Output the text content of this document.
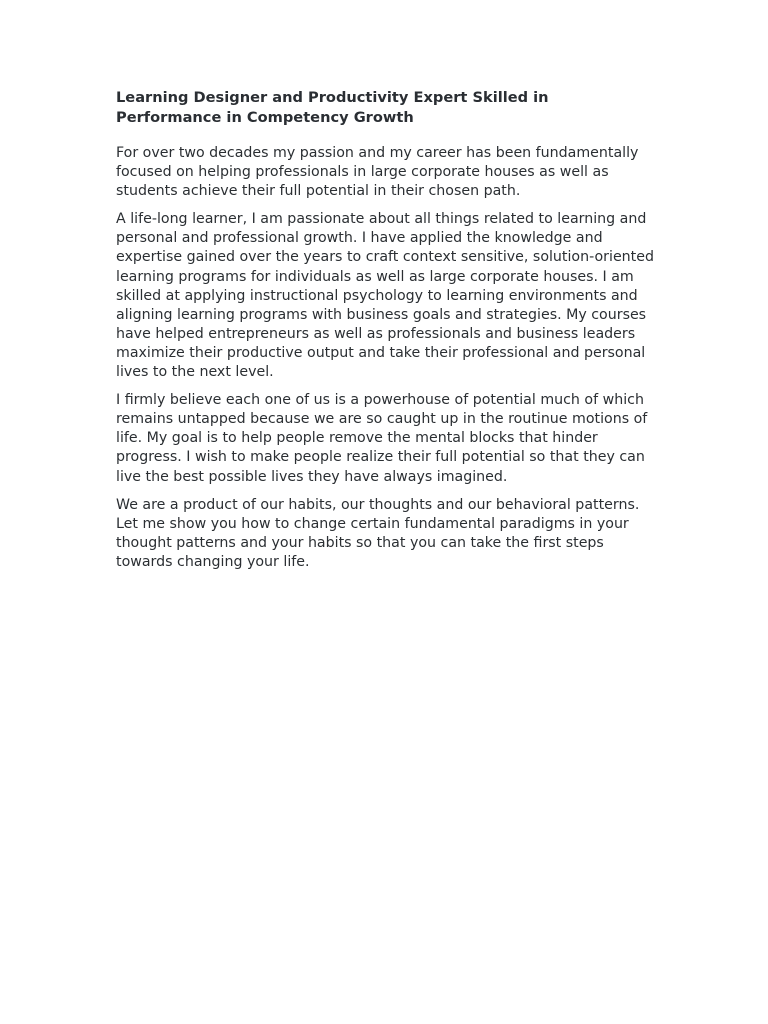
Learning Designer and Productivity Expert Skilled in Performance in Competency Growth

For over two decades my passion and my career has been fundamentally focused on helping professionals in large corporate houses as well as students achieve their full potential in their chosen path.

A life-long learner, I am passionate about all things related to learning and personal and professional growth. I have applied the knowledge and expertise gained over the years to craft context sensitive, solution-oriented learning programs for individuals as well as large corporate houses. I am skilled at applying instructional psychology to learning environments and aligning learning programs with business goals and strategies. My courses have helped entrepreneurs as well as professionals and business leaders maximize their productive output and take their professional and personal lives to the next level.

I firmly believe each one of us is a powerhouse of potential much of which remains untapped because we are so caught up in the routinue motions of life. My goal is to help people remove the mental blocks that hinder progress. I wish to make people realize their full potential so that they can live the best possible lives they have always imagined.

We are a product of our habits, our thoughts and our behavioral patterns. Let me show you how to change certain fundamental paradigms in your thought patterns and your habits so that you can take the first steps towards changing your life.
